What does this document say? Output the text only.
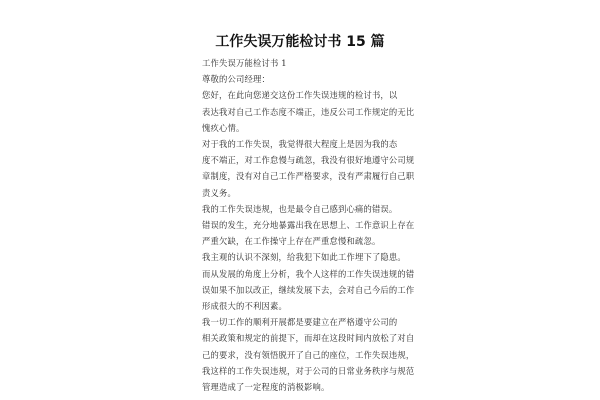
工作失误万能检讨书 15 篇

工作失误万能检讨书 1

尊敬的公司经理：

您好，在此向您递交这份工作失误违规的检讨书，以

表达我对自己工作态度不端正，违反公司工作规定的无比

愧疚心情。

对于我的工作失误，我觉得很大程度上是因为我的态

度不端正，对工作怠慢与疏忽，我没有很好地遵守公司规

章制度，没有对自己工作严格要求，没有严肃履行自己职

责义务。

我的工作失误违规，也是最令自己感到心痛的错误。

错误的发生，充分地暴露出我在思想上、工作意识上存在

严重欠缺，在工作操守上存在严重怠慢和疏忽。

我主观的认识不深刻，给我犯下如此工作埋下了隐患。

而从发展的角度上分析，我个人这样的工作失误违规的错

误如果不加以改正，继续发展下去，会对自己今后的工作

形成很大的不利因素。

我一切工作的顺利开展都是要建立在严格遵守公司的

相关政策和规定的前提下，而却在这段时间内放松了对自

己的要求，没有领悟脱开了自己的座位，工作失误违规，

我这样的工作失误违规，对于公司的日常业务秩序与规范

管理造成了一定程度的消极影响。
